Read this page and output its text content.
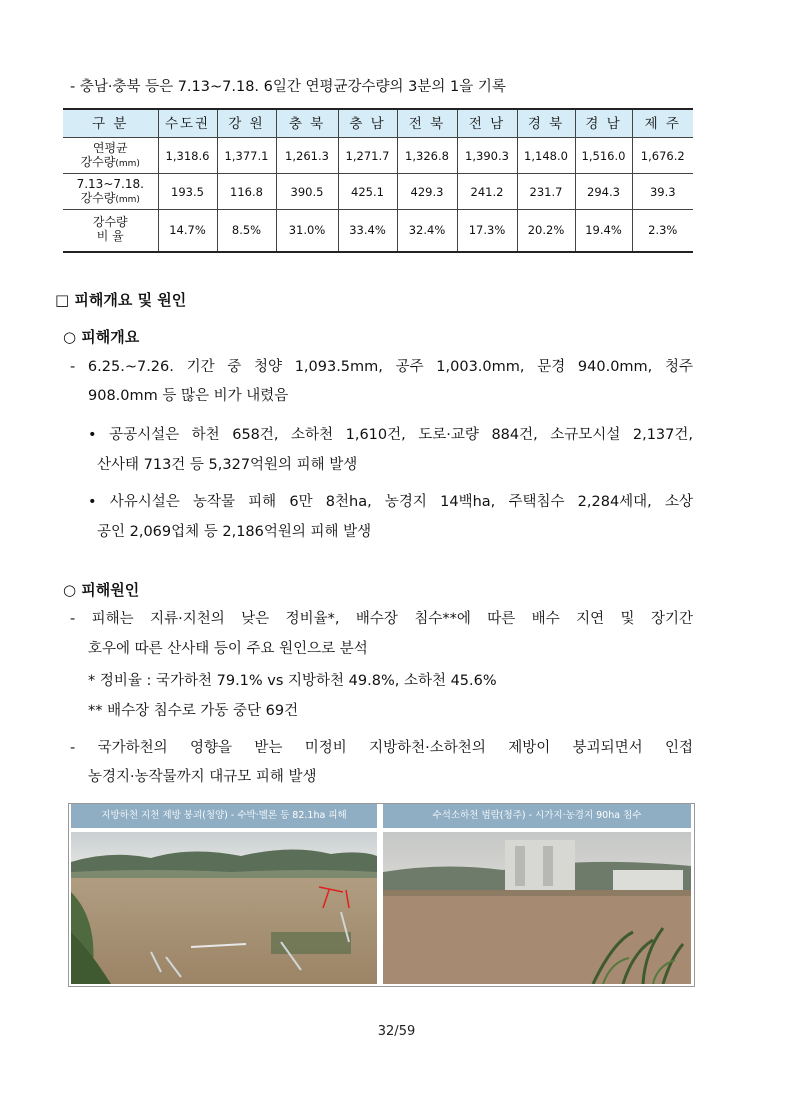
- 충남·충북 등은 7.13~7.18. 6일간 연평균강수량의 3분의 1을 기록
구 분	수도권	강 원	충 북	충 남	전 북	전 남	경 북	경 남	제 주
연평균
강수량(mm)	1,318.6	1,377.1	1,261.3	1,271.7	1,326.8	1,390.3	1,148.0	1,516.0	1,676.2
7.13~7.18.
강수량(mm)	193.5	116.8	390.5	425.1	429.3	241.2	231.7	294.3	39.3
강수량
비 율	14.7%	8.5%	31.0%	33.4%	32.4%	17.3%	20.2%	19.4%	2.3%
□ 피해개요 및 원인
○ 피해개요
- 6.25.~7.26. 기간 중 청양 1,093.5mm, 공주 1,003.0mm, 문경 940.0mm, 청주
908.0mm 등 많은 비가 내렸음
• 공공시설은 하천 658건, 소하천 1,610건, 도로·교량 884건, 소규모시설 2,137건,
산사태 713건 등 5,327억원의 피해 발생
• 사유시설은 농작물 피해 6만 8천ha, 농경지 14백ha, 주택침수 2,284세대, 소상
공인 2,069업체 등 2,186억원의 피해 발생
○ 피해원인
- 피해는 지류·지천의 낮은 정비율*, 배수장 침수**에 따른 배수 지연 및 장기간
호우에 따른 산사태 등이 주요 원인으로 분석
* 정비율 : 국가하천 79.1% vs 지방하천 49.8%, 소하천 45.6%
** 배수장 침수로 가동 중단 69건
- 국가하천의 영향을 받는 미정비 지방하천·소하천의 제방이 붕괴되면서 인접
농경지·농작물까지 대규모 피해 발생
지방하천 지천 제방 붕괴(청양) - 수박·멜론 등 82.1ha 피해	수석소하천 범람(청주) - 시가지·농경지 90ha 침수
32/59
